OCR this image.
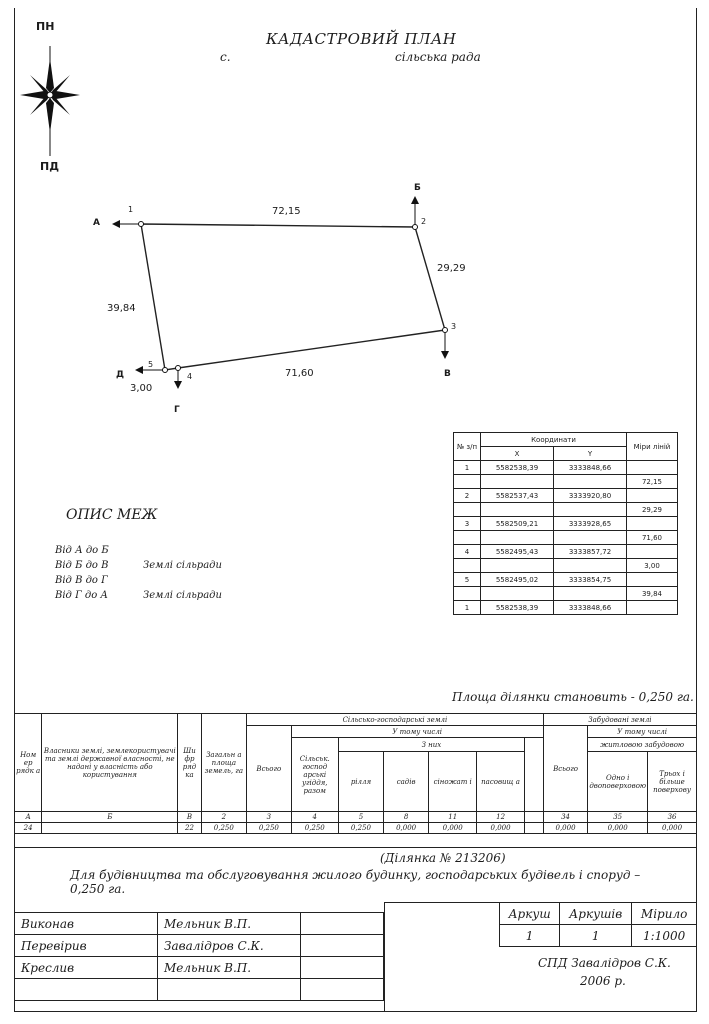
ПН
ПД
КАДАСТРОВИЙ ПЛАН
с.	сільська рада
А
Б
В
Г
Д
1
2
3
4
5
72,15
29,29
71,60
3,00
39,84
№ з/п	Координати		Міри ліній
	X	Y	
1	5582538,39	3333848,66	
			72,15
2	5582537,43	3333920,80	
			29,29
3	5582509,21	3333928,65	
			71,60
4	5582495,43	3333857,72	
			3,00
5	5582495,02	3333854,75	
			39,84
1	5582538,39	3333848,66	
ОПИС МЕЖ
Від А до Б
Від Б до В	Землі сільради
Від В до Г
Від Г до А	Землі сільради
Площа ділянки становить - 0,250 га.
Ном ер рядк а	Власники землі, землекористувачі та землі державної власності, не надані у власність або користування	Ши фр ряд ка	Загальн а площа земель, га	Сільсько-господарські землі							Забудовані землі		
				Всього	У тому числі						Всього	У тому числі	
					Сільськ. господ арські угіддя, разом	З них						житловою забудовою	
						рілля	садів	сіножат і	пасовищ а			Одно і двоповерховою	Трьох і більше поверхову
А	Б	В	2	3	4	5	8	11	12		34	35	36
24		22	0,250	0,250	0,250	0,250	0,000	0,000	0,000		0,000	0,000	0,000
(Ділянка № 213206)
Для будівництва та обслуговування жилого будинку, господарських будівель і споруд – 0,250 га.
Виконав	Мельник В.П.	
Перевірив	Завалідров С.К.	
Креслив	Мельник В.П.	

Аркуш	Аркушів	Мірило
1	1	1:1000
СПД Завалідров С.К.
2006 р.
